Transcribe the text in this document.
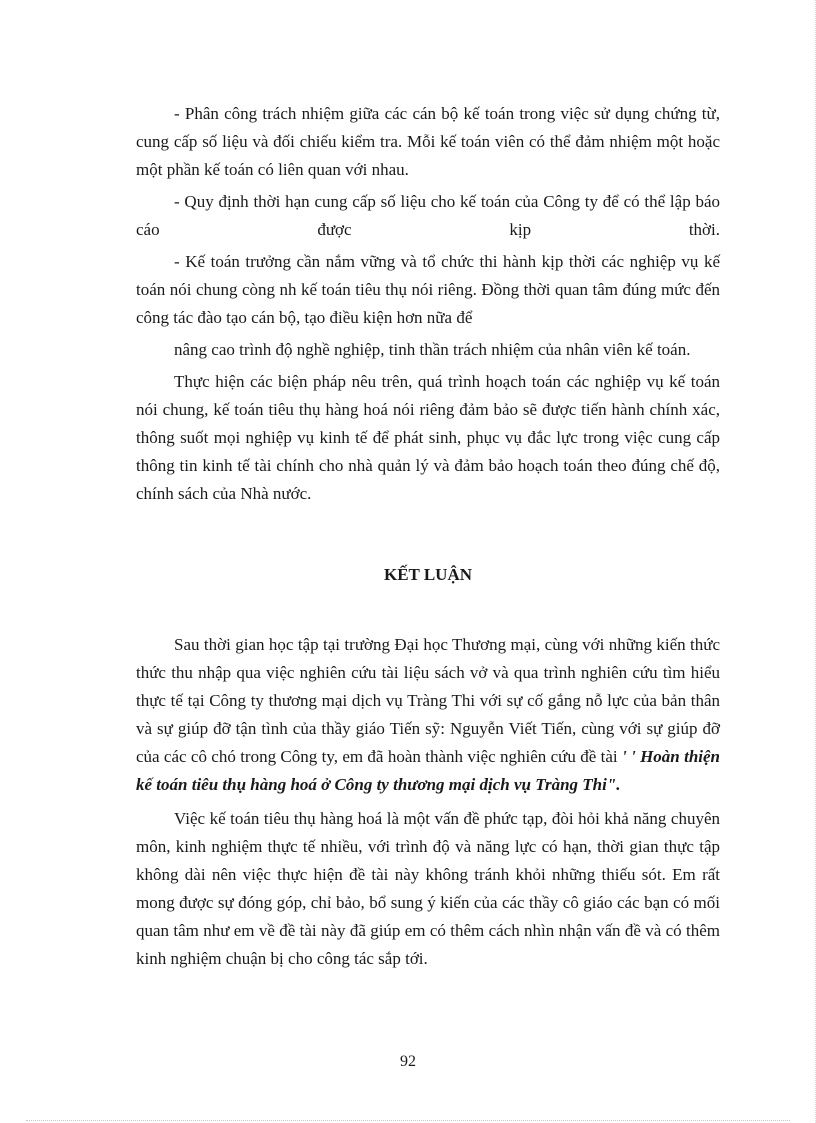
- Phân công trách nhiệm giữa các cán bộ kế toán trong việc sử dụng chứng từ, cung cấp số liệu và đối chiếu kiểm tra. Mỗi kế toán viên có thể đảm nhiệm một hoặc một phần kế toán có liên quan với nhau.

- Quy định thời hạn cung cấp số liệu cho kế toán của Công ty để có thể lập báo cáo được kịp thời.

- Kế toán trưởng cần nắm vững và tổ chức thi hành kịp thời các nghiệp vụ kế toán nói chung còng nh kế toán tiêu thụ nói riêng. Đồng thời quan tâm đúng mức đến công tác đào tạo cán bộ, tạo điều kiện hơn nữa để

nâng cao trình độ nghề nghiệp, tinh thần trách nhiệm của nhân viên kế toán.

Thực hiện các biện pháp nêu trên, quá trình hoạch toán các nghiệp vụ kế toán nói chung, kế toán tiêu thụ hàng hoá nói riêng đảm bảo sẽ được tiến hành chính xác, thông suốt mọi nghiệp vụ kinh tế để phát sinh, phục vụ đắc lực trong việc cung cấp thông tin kinh tế tài chính cho nhà quản lý và đảm bảo hoạch toán theo đúng chế độ, chính sách của Nhà nước.

KẾT LUẬN

Sau thời gian học tập tại trường Đại học Thương mại, cùng với những kiến thức thức thu nhập qua việc nghiên cứu tài liệu sách vở và qua trình nghiên cứu tìm hiểu thực tế tại Công ty thương mại dịch vụ Tràng Thi với sự cố gắng nỗ lực của bản thân và sự giúp đỡ tận tình của thầy giáo Tiến sỹ: Nguyễn Viết Tiến, cùng với sự giúp đỡ của các cô chó trong Công ty, em đã hoàn thành việc nghiên cứu đề tài ' ' Hoàn thiện kế toán tiêu thụ hàng hoá ở Công ty thương mại dịch vụ Tràng Thi".

Việc kế toán tiêu thụ hàng hoá là một vấn đề phức tạp, đòi hỏi khả năng chuyên môn, kinh nghiệm thực tế nhiều, với trình độ và năng lực có hạn, thời gian thực tập không dài nên việc thực hiện đề tài này không tránh khỏi những thiếu sót. Em rất mong được sự đóng góp, chỉ bảo, bổ sung ý kiến của các thầy cô giáo các bạn có mối quan tâm như em về đề tài này đã giúp em có thêm cách nhìn nhận vấn đề và có thêm kinh nghiệm chuận bị cho công tác sắp tới.

92
